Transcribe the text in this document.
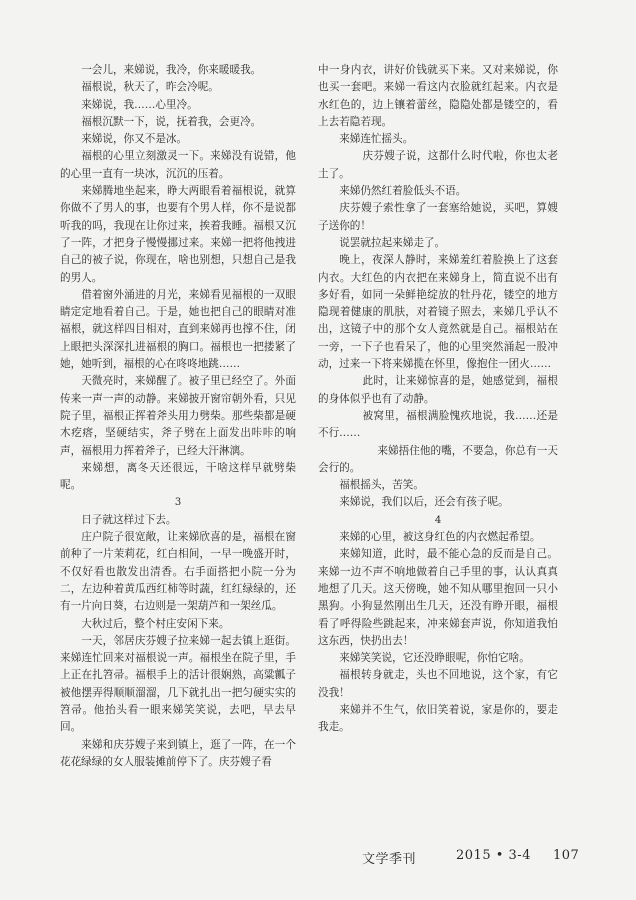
一会儿，来娣说，我冷，你来暖暖我。

福根说，秋天了，昨会冷呢。

来娣说，我……心里冷。

福根沉默一下，说，抚着我，会更冷。

来娣说，你又不是冰。

福根的心里立刻激灵一下。来娣没有说错，他的心里一直有一块冰，沉沉的压着。

来娣腾地坐起来，睁大两眼看着福根说，就算你做不了男人的事，也要有个男人样，你不是说都听我的吗，我现在让你过来，挨着我睡。福根又沉了一阵，才把身子慢慢挪过来。来娣一把将他拽进自己的被子说，你现在，啥也别想，只想自己是我的男人。

借着窗外涌进的月光，来娣看见福根的一双眼睛定定地看着自己。于是，她也把自己的眼睛对准福根，就这样四目相对，直到来娣再也撑不住，闭上眼把头深深扎进福根的胸口。福根也一把搂紧了她，她听到，福根的心在咚咚地跳……

天微亮时，来娣醒了。被子里已经空了。外面传来一声一声的动静。来娣披开窗帘朝外看，只见院子里，福根正挥着斧头用力劈柴。那些柴都是硬木疙瘩，坚硬结实，斧子劈在上面发出咔咔的响声，福根用力挥着斧子，已经大汗淋漓。

来娣想，离冬天还很远，干啥这样早就劈柴呢。

3

日子就这样过下去。

庄户院子很宽敞，让来娣欣喜的是，福根在窗前种了一片茉莉花，红白相间，一早一晚盛开时，不仅好看也散发出清香。右手面搭把小院一分为二，左边种着黄瓜西红柿等时蔬，红红绿绿的，还有一片向日葵，右边则是一架葫芦和一架丝瓜。

大秋过后，整个村庄安闲下来。

一天，邻居庆芬嫂子拉来娣一起去镇上逛街。来娣连忙回来对福根说一声。福根坐在院子里，手上正在扎笤帚。福根手上的活计很娴熟，高粱瓤子被他摆弄得顺顺溜溜，几下就扎出一把匀硬实实的笤帚。他抬头看一眼来娣笑笑说，去吧，早去早回。

来娣和庆芬嫂子来到镇上，逛了一阵，在一个花花绿绿的女人服装摊前停下了。庆芬嫂子看

中一身内衣，讲好价钱就买下来。又对来娣说，你也买一套吧。来娣一看这内衣脸就红起来。内衣是水红色的，边上镶着蕾丝，隐隐处都是镂空的，看上去若隐若现。

来娣连忙摇头。

庆芬嫂子说，这都什么时代啦，你也太老土了。

来娣仍然红着脸低头不语。

庆芬嫂子索性拿了一套塞给她说，买吧，算嫂子送你的！

说罢就拉起来娣走了。

晚上，夜深人静时，来娣羞红着脸换上了这套内衣。大红色的内衣把在来娣身上，简直说不出有多好看，如同一朵鲜艳绽放的牡丹花，镂空的地方隐现着健康的肌肤，对着镜子照去，来娣几乎认不出，这镜子中的那个女人竟然就是自己。福根站在一旁，一下子也看呆了，他的心里突然涌起一股冲动，过来一下将来娣揽在怀里，像抱住一团火……

此时，让来娣惊喜的是，她感觉到，福根的身体似乎也有了动静。

被窝里，福根满脸愧疚地说，我……还是不行……

来娣捂住他的嘴，不要急，你总有一天会行的。

福根摇头，苦笑。

来娣说，我们以后，还会有孩子呢。

4

来娣的心里，被这身红色的内衣燃起希望。

来娣知道，此时，最不能心急的反而是自己。来娣一边不声不响地做着自己手里的事，认认真真地想了几天。这天傍晚，她不知从哪里抱回一只小黑狗。小狗显然刚出生几天，还没有睁开眼，福根看了呼得险些跳起来，冲来娣套声说，你知道我怕这东西，快扔出去！

来娣笑笑说，它还没睁眼呢，你怕它啥。

福根转身就走，头也不回地说，这个家，有它没我！

来娣并不生气，依旧笑着说，家是你的，要走我走。

文学季刊	2015 • 3-4 107
